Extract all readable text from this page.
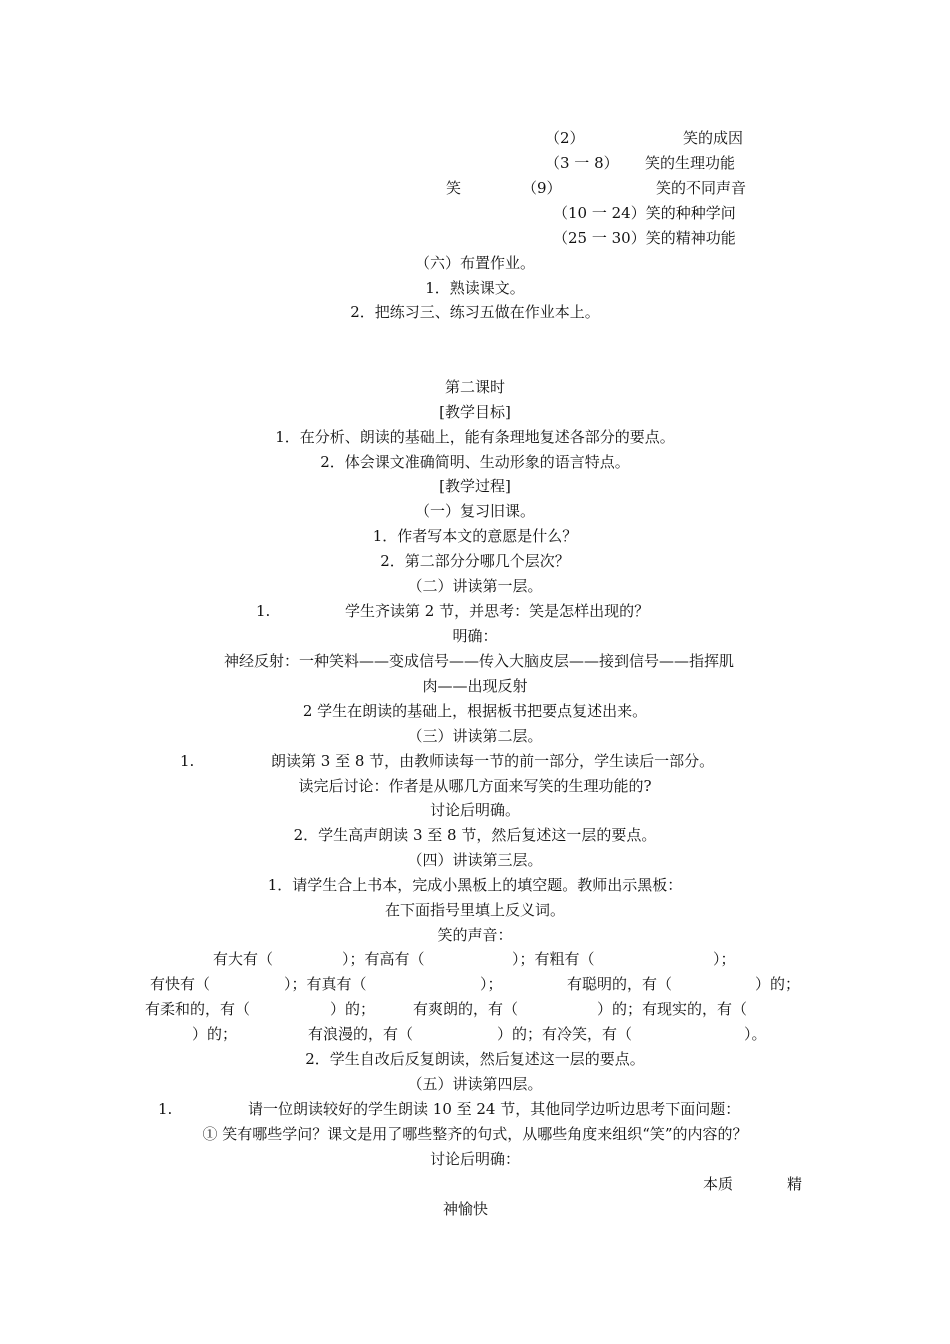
（2）	笑的成因
（3 一 8） 笑的生理功能
笑	（9）	笑的不同声音
（10 一 24）笑的种种学问
（25 一 30）笑的精神功能
（六）布置作业。
1．熟读课文。
2．把练习三、练习五做在作业本上。
第二课时
[教学目标]
1．在分析、朗读的基础上，能有条理地复述各部分的要点。
2．体会课文准确简明、生动形象的语言特点。
[教学过程]
（一）复习旧课。
1．作者写本文的意愿是什么？
2．第二部分分哪几个层次？
（二）讲读第一层。
1.	学生齐读第 2 节，并思考：笑是怎样出现的？
明确：
神经反射：一种笑料——变成信号——传入大脑皮层——接到信号——指挥肌
肉——出现反射
2 学生在朗读的基础上，根据板书把要点复述出来。
（三）讲读第二层。
1.	朗读第 3 至 8 节，由教师读每一节的前一部分，学生读后一部分。
读完后讨论：作者是从哪几方面来写笑的生理功能的?
讨论后明确。
2．学生高声朗读 3 至 8 节，然后复述这一层的要点。
（四）讲读第三层。
1．请学生合上书本，完成小黑板上的填空题。教师出示黑板：
在下面指号里填上反义词。
笑的声音：
有大有（	）；有高有（	）；有粗有（	）；
有快有（	）；有真有（	）；	有聪明的，有（	）的；
有柔和的，有（	）的；	有爽朗的，有（	）的；有现实的，有（
）的；	有浪漫的，有（	）的；有冷笑，有（	）。
2．学生自改后反复朗读，然后复述这一层的要点。
（五）讲读第四层。
1.	请一位朗读较好的学生朗读 10 至 24 节，其他同学边听边思考下面问题：
① 笑有哪些学问？课文是用了哪些整齐的句式，从哪些角度来组织“笑”的内容的？
讨论后明确：
本质	精
神愉快
